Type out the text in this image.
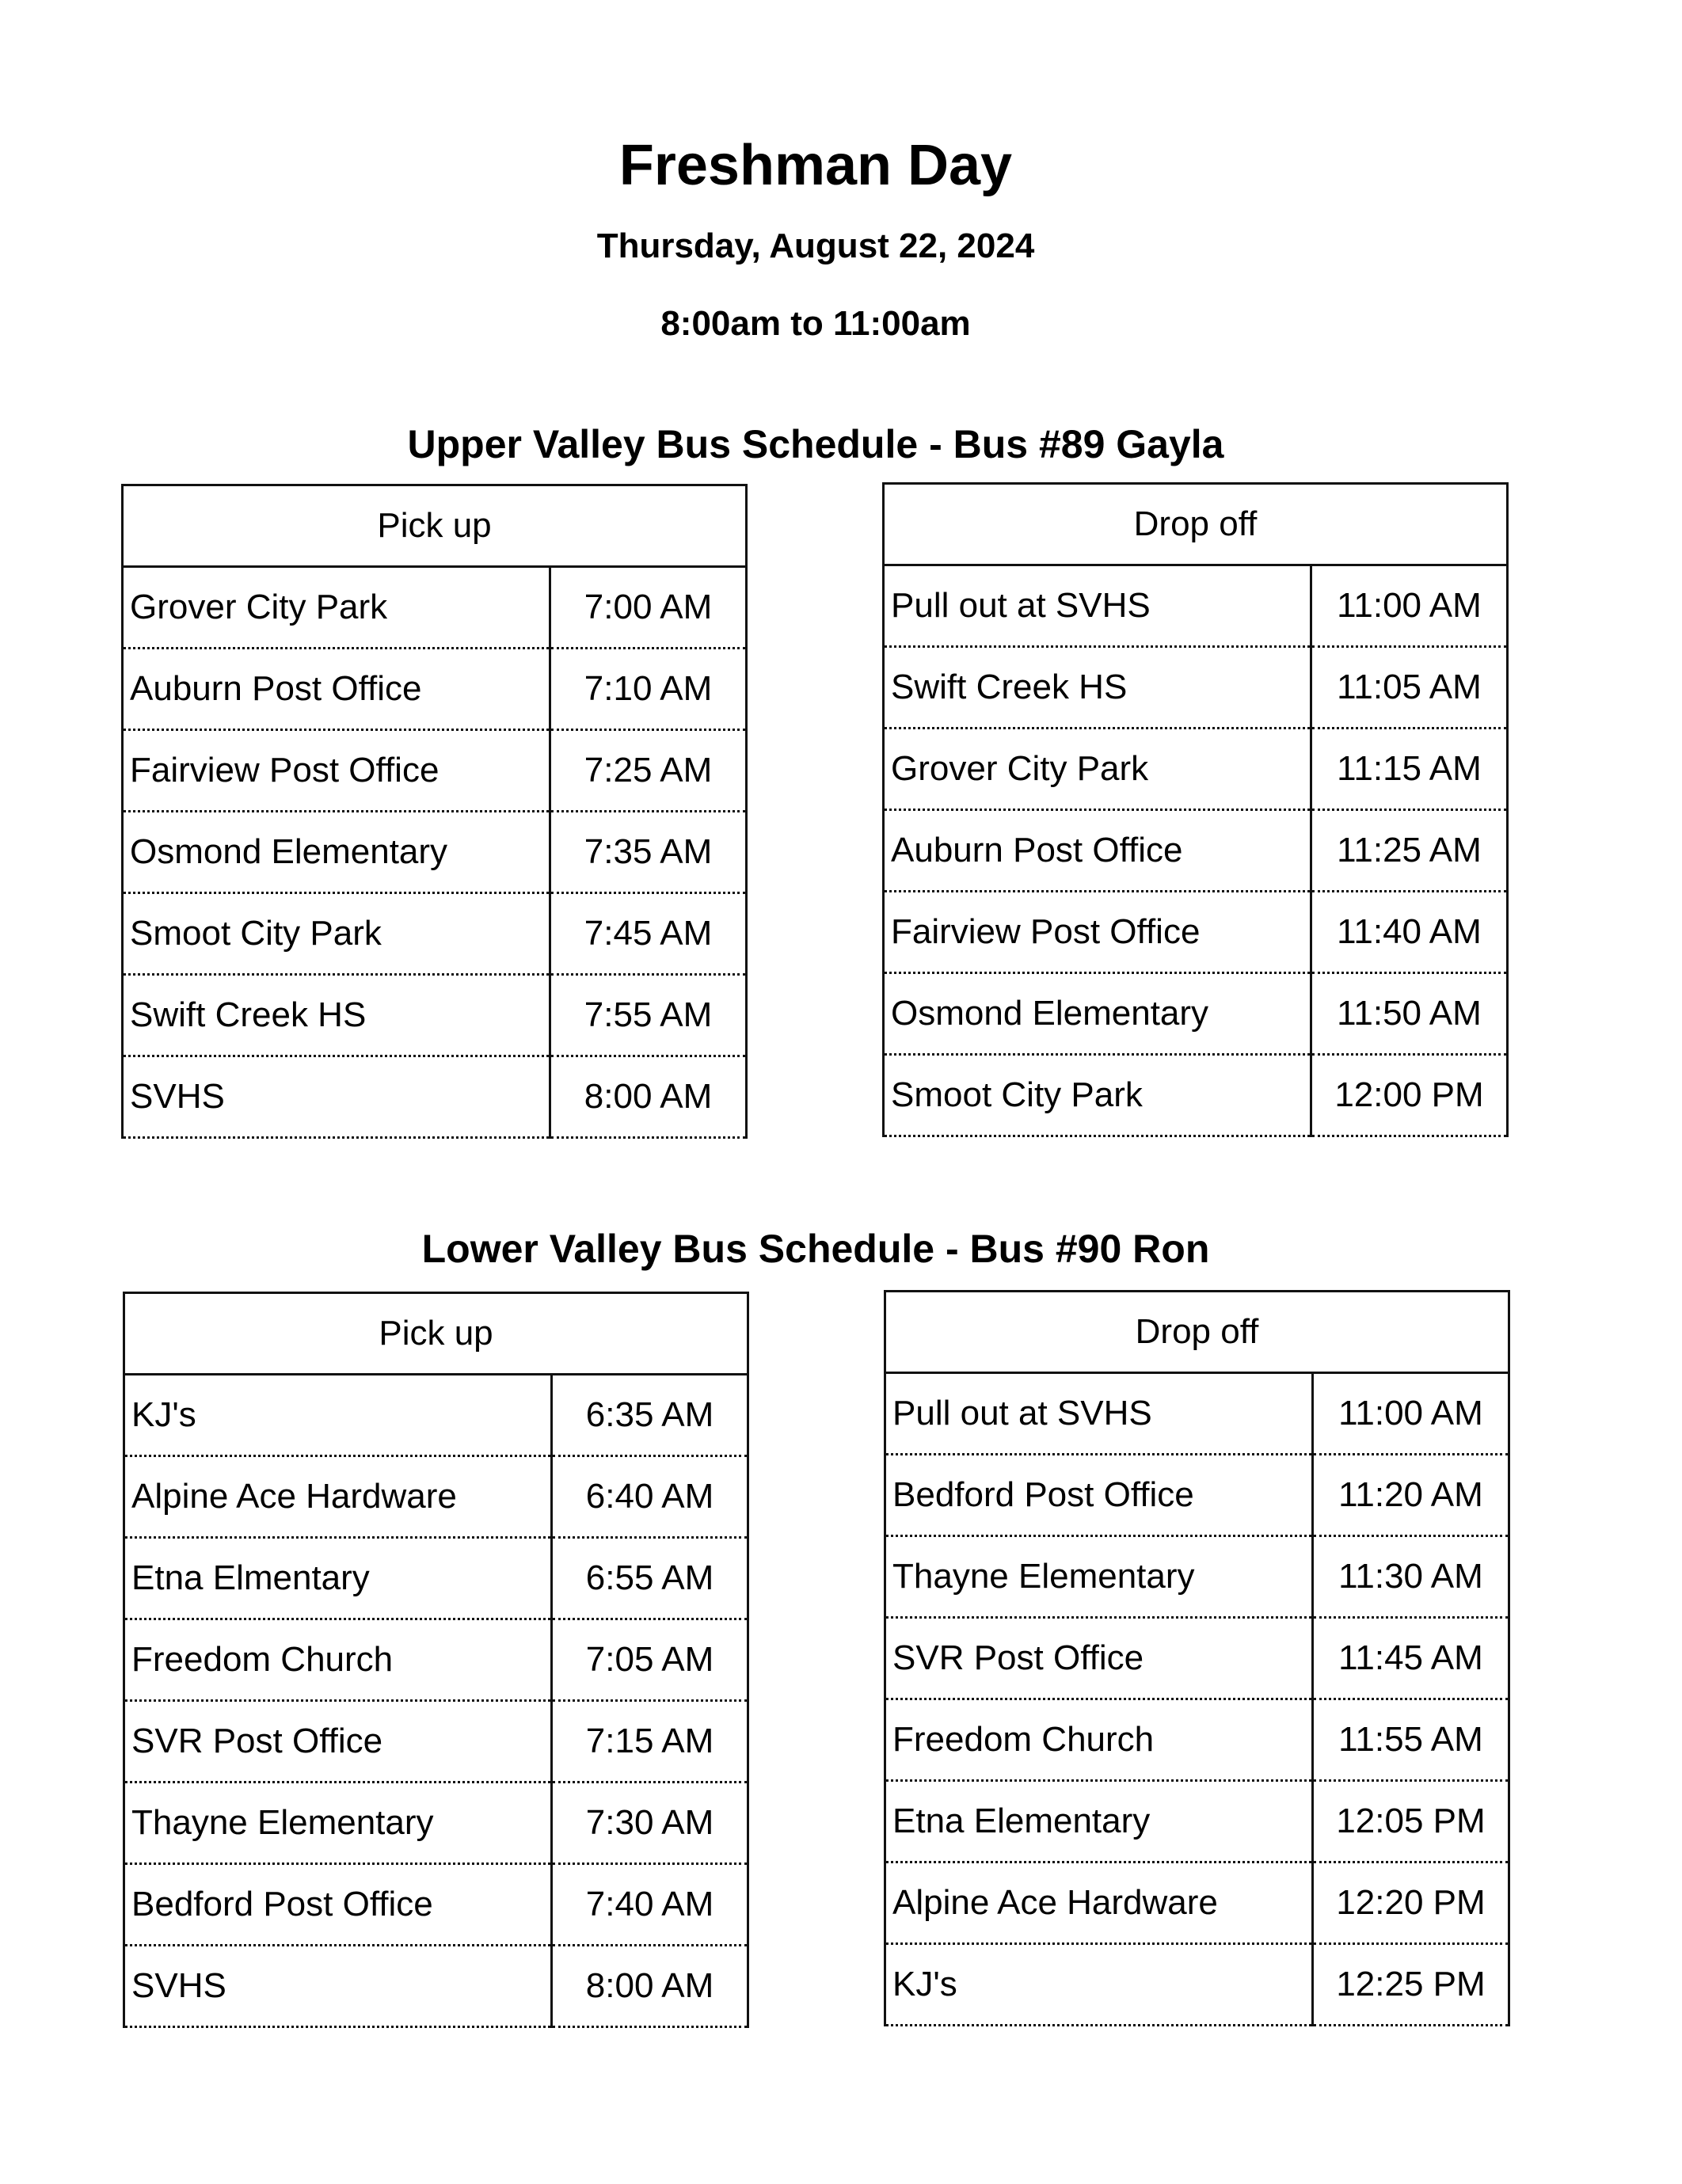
Freshman Day
Thursday, August 22, 2024
8:00am to 11:00am
Upper Valley Bus Schedule - Bus #89 Gayla
Pick up	
Grover City Park	7:00 AM
Auburn Post Office	7:10 AM
Fairview Post Office	7:25 AM
Osmond Elementary	7:35 AM
Smoot City Park	7:45 AM
Swift Creek HS	7:55 AM
SVHS	8:00 AM
Drop off	
Pull out at SVHS	11:00 AM
Swift Creek HS	11:05 AM
Grover City Park	11:15 AM
Auburn Post Office	11:25 AM
Fairview Post Office	11:40 AM
Osmond Elementary	11:50 AM
Smoot City Park	12:00 PM
Lower Valley Bus Schedule - Bus #90 Ron
Pick up	
KJ's	6:35 AM
Alpine Ace Hardware	6:40 AM
Etna Elmentary	6:55 AM
Freedom Church	7:05 AM
SVR Post Office	7:15 AM
Thayne Elementary	7:30 AM
Bedford Post Office	7:40 AM
SVHS	8:00 AM
Drop off	
Pull out at SVHS	11:00 AM
Bedford Post Office	11:20 AM
Thayne Elementary	11:30 AM
SVR Post Office	11:45 AM
Freedom Church	11:55 AM
Etna Elementary	12:05 PM
Alpine Ace Hardware	12:20 PM
KJ's	12:25 PM
